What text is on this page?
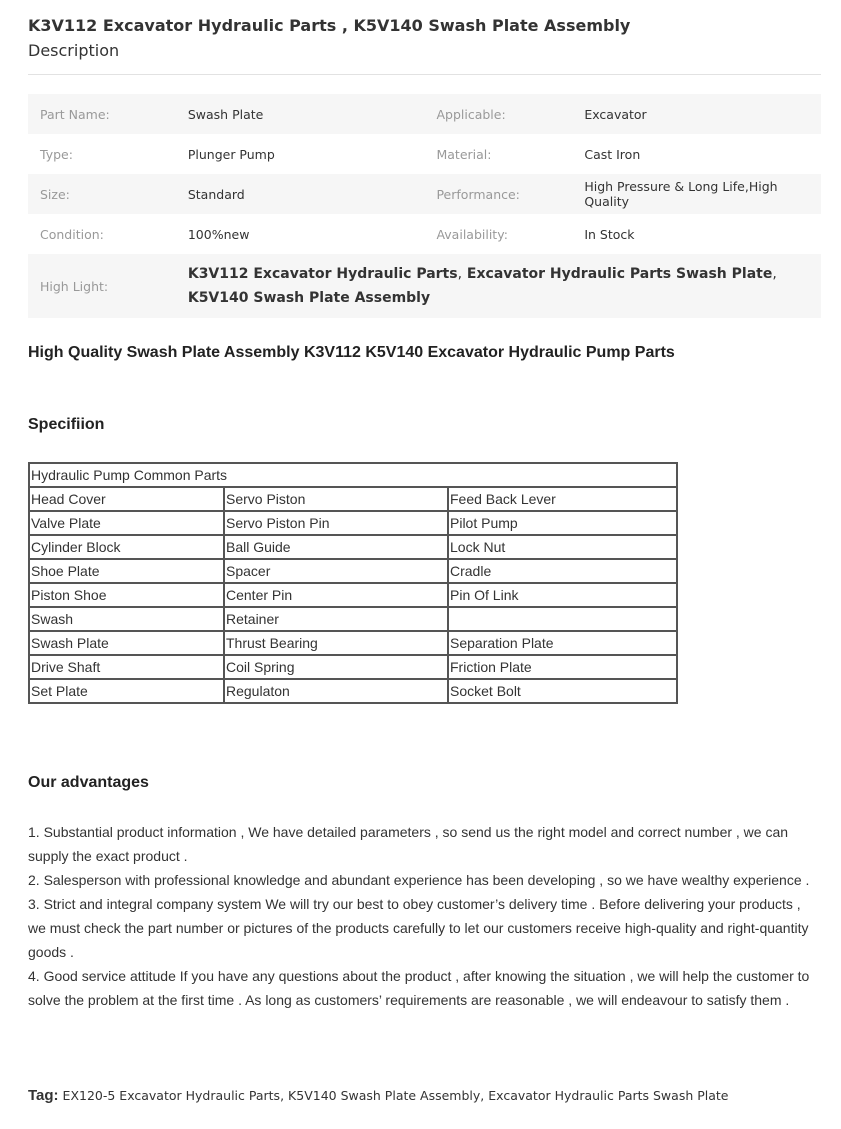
K3V112 Excavator Hydraulic Parts , K5V140 Swash Plate Assembly
Description
Part Name:	Swash Plate	Applicable:	Excavator
Type:	Plunger Pump	Material:	Cast Iron
Size:	Standard	Performance:	High Pressure & Long Life,High Quality
Condition:	100%new	Availability:	In Stock
High Light:	K3V112 Excavator Hydraulic Parts, Excavator Hydraulic Parts Swash Plate,
K5V140 Swash Plate Assembly		
High Quality Swash Plate Assembly K3V112 K5V140 Excavator Hydraulic Pump Parts
Specifiion
Hydraulic Pump Common Parts		
Head Cover	Servo Piston	Feed Back Lever
Valve Plate	Servo Piston Pin	Pilot Pump
Cylinder Block	Ball Guide	Lock Nut
Shoe Plate	Spacer	Cradle
Piston Shoe	Center Pin	Pin Of Link
Swash	Retainer	
Swash Plate	Thrust Bearing	Separation Plate
Drive Shaft	Coil Spring	Friction Plate
Set Plate	Regulaton	Socket Bolt
Our advantages

1. Substantial product information , We have detailed parameters , so send us the right model and correct number , we can supply the exact product .

2. Salesperson with professional knowledge and abundant experience has been developing , so we have wealthy experience .

3. Strict and integral company system We will try our best to obey customer’s delivery time . Before delivering your products , we must check the part number or pictures of the products carefully to let our customers receive high-quality and right-quantity goods .

4. Good service attitude If you have any questions about the product , after knowing the situation , we will help the customer to solve the problem at the first time . As long as customers’ requirements are reasonable , we will endeavour to satisfy them .

Tag: EX120-5 Excavator Hydraulic Parts, K5V140 Swash Plate Assembly, Excavator Hydraulic Parts Swash Plate
